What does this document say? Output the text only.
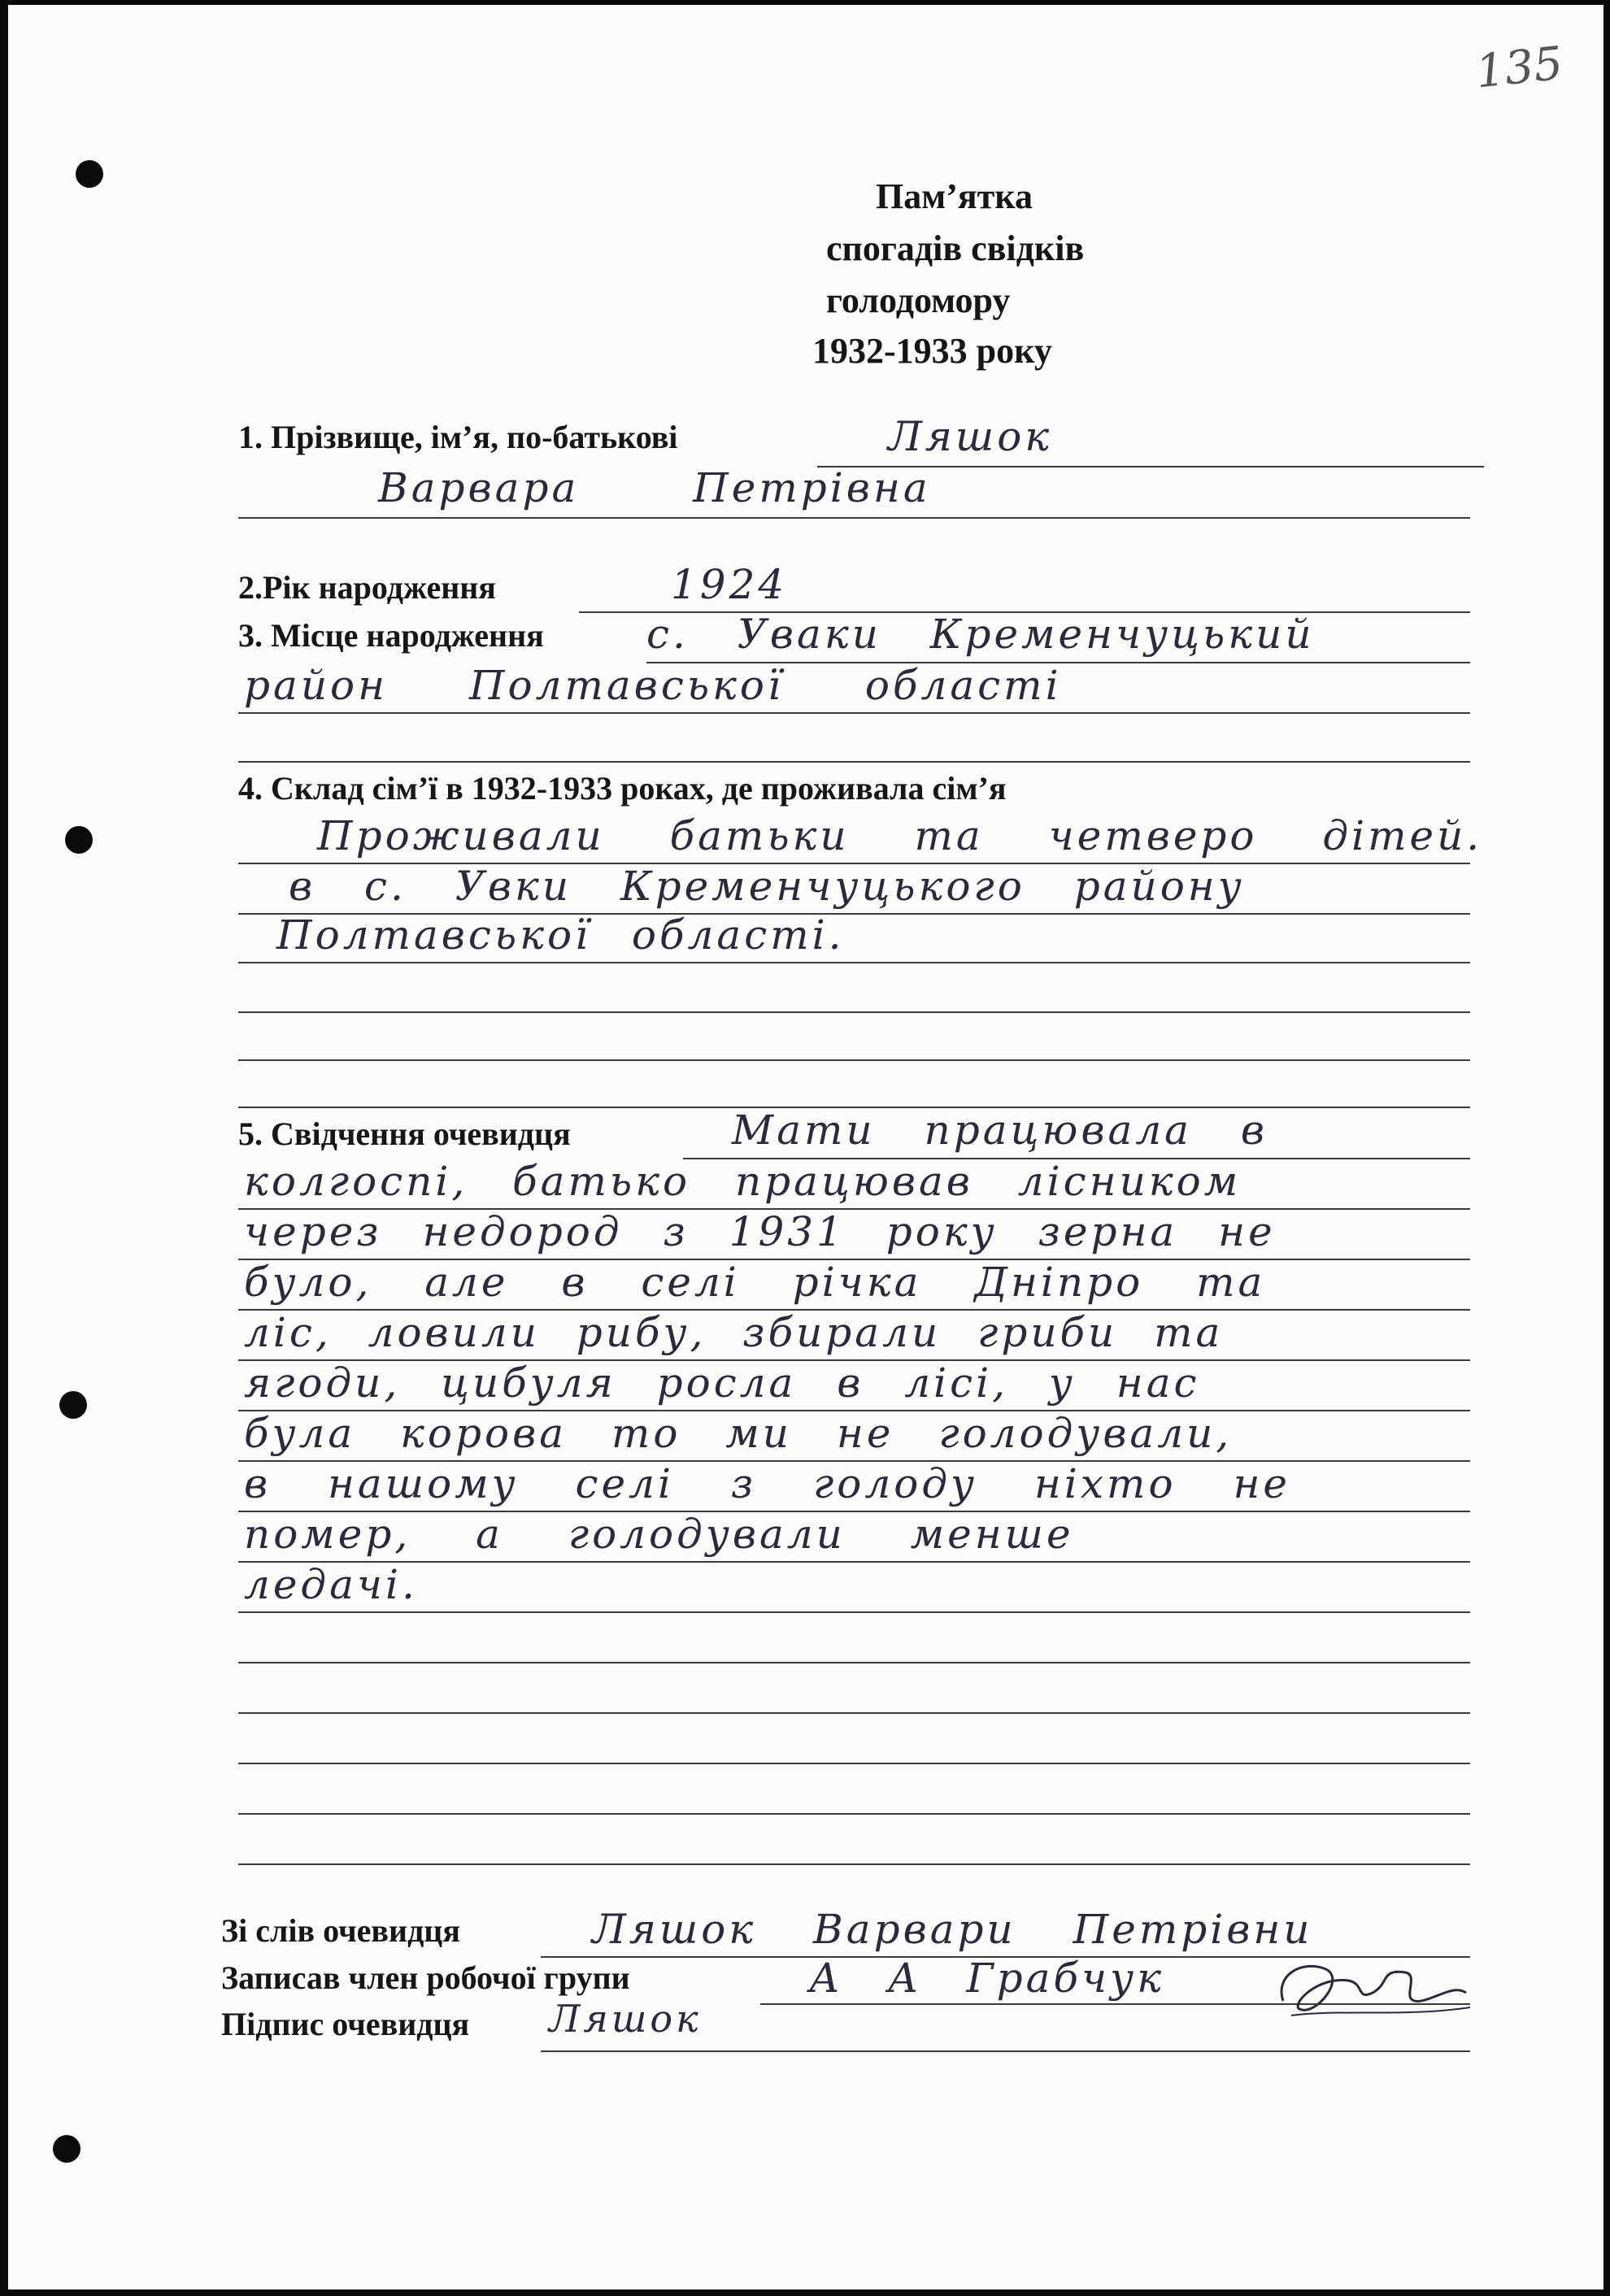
135
Пам’ятка
спогадів свідків
голодомору
1932-1933 року
1. Прізвище, ім’я, по-батькові	Ляшок
Варвара Петрівна
2.Рік народження	1924
3. Місце народження	с. Уваки Кременчуцький
район Полтавської області
4. Склад сім’ї в 1932-1933 роках, де проживала сім’я
Проживали батьки та четверо дітей.
в с. Увки Кременчуцького району
Полтавської області.
5. Свідчення очевидця	Мати працювала в
колгоспі, батько працював лісником
через недород з 1931 року зерна не
було, але в селі річка Дніпро та
ліс, ловили рибу, збирали гриби та
ягоди, цибуля росла в лісі, у нас
була корова то ми не голодували,
в нашому селі з голоду ніхто не
помер, а голодували менше
ледачі.
Зі слів очевидця	Ляшок Варвари Петрівни
Записав член робочої групи	А А Грабчук
Підпис очевидця Ляшок
